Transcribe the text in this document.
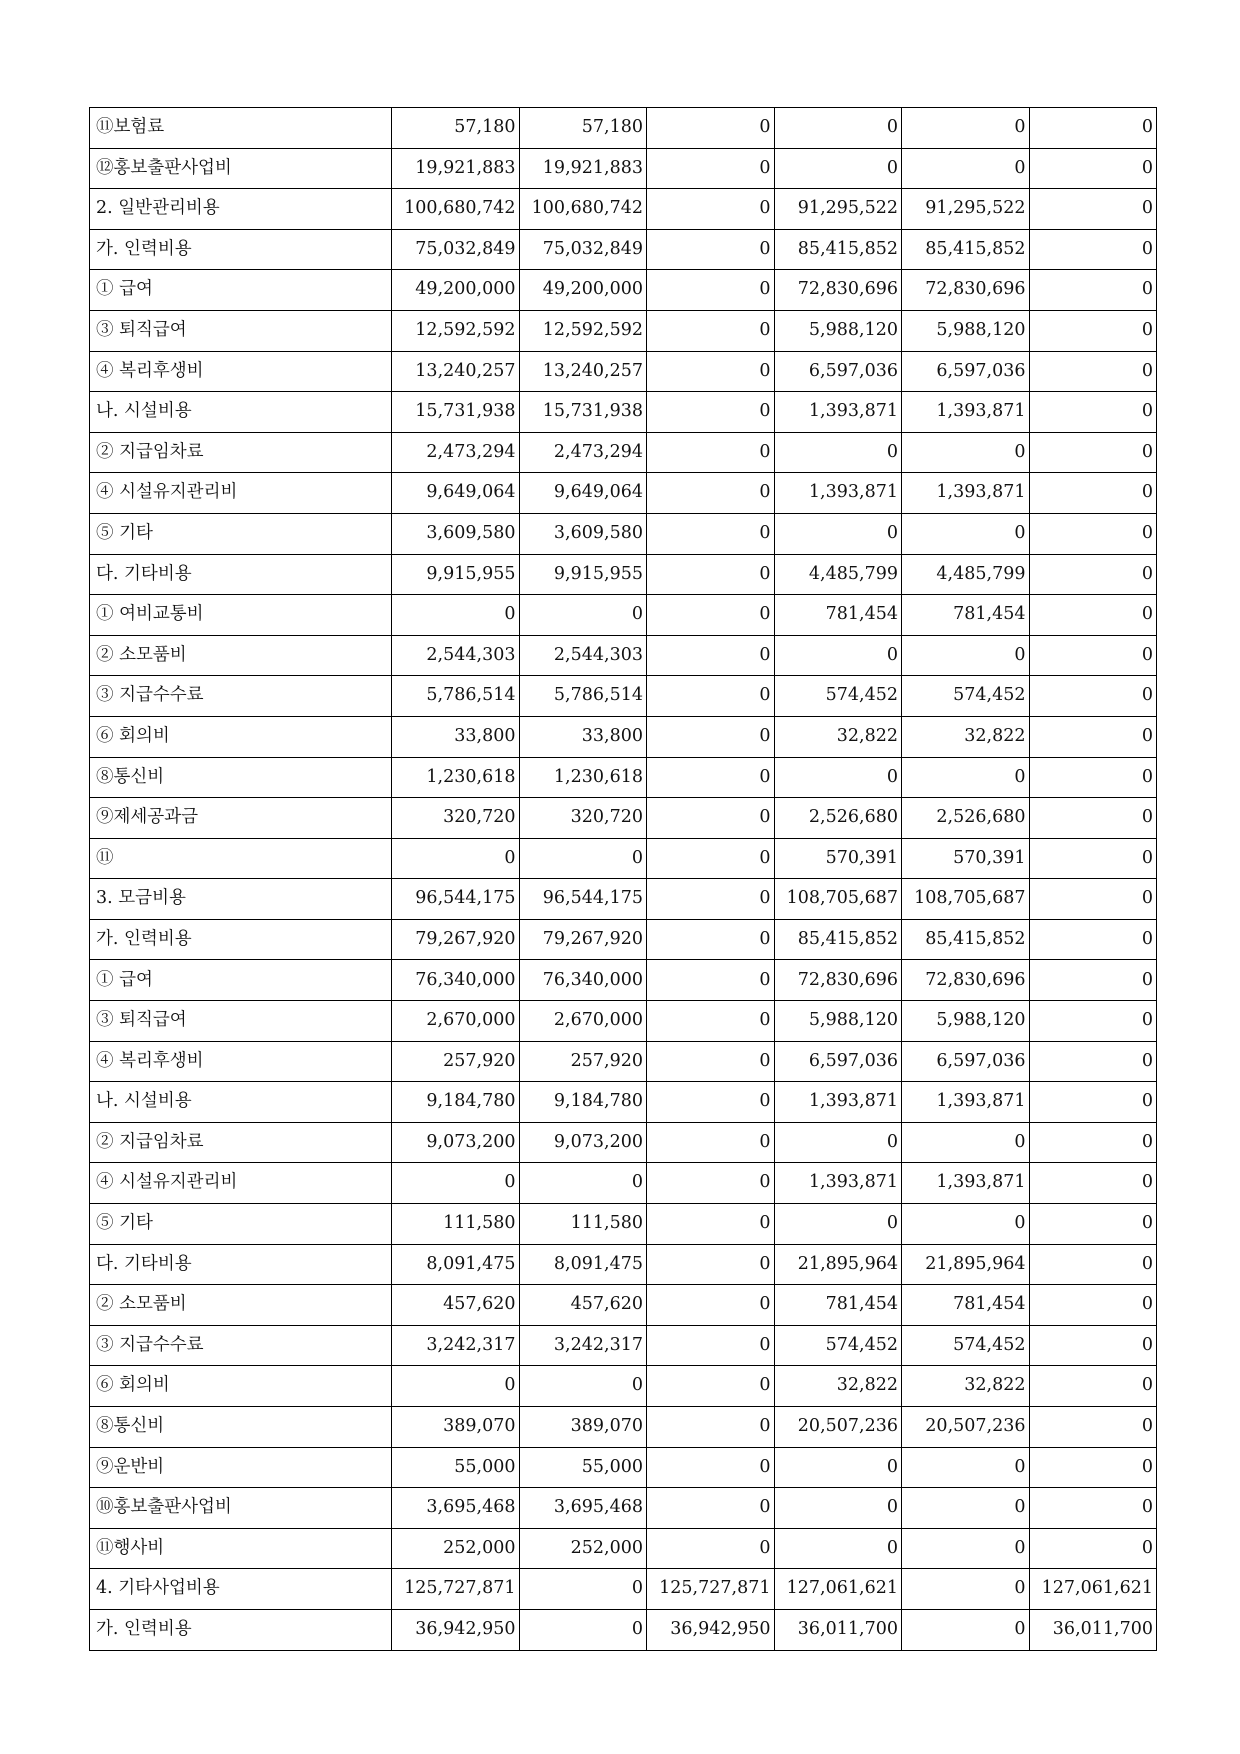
⑪보험료	57,180	57,180	0	0	0	0
⑫홍보출판사업비	19,921,883	19,921,883	0	0	0	0
2. 일반관리비용	100,680,742	100,680,742	0	91,295,522	91,295,522	0
가. 인력비용	75,032,849	75,032,849	0	85,415,852	85,415,852	0
① 급여	49,200,000	49,200,000	0	72,830,696	72,830,696	0
③ 퇴직급여	12,592,592	12,592,592	0	5,988,120	5,988,120	0
④ 복리후생비	13,240,257	13,240,257	0	6,597,036	6,597,036	0
나. 시설비용	15,731,938	15,731,938	0	1,393,871	1,393,871	0
② 지급임차료	2,473,294	2,473,294	0	0	0	0
④ 시설유지관리비	9,649,064	9,649,064	0	1,393,871	1,393,871	0
⑤ 기타	3,609,580	3,609,580	0	0	0	0
다. 기타비용	9,915,955	9,915,955	0	4,485,799	4,485,799	0
① 여비교통비	0	0	0	781,454	781,454	0
② 소모품비	2,544,303	2,544,303	0	0	0	0
③ 지급수수료	5,786,514	5,786,514	0	574,452	574,452	0
⑥ 회의비	33,800	33,800	0	32,822	32,822	0
⑧통신비	1,230,618	1,230,618	0	0	0	0
⑨제세공과금	320,720	320,720	0	2,526,680	2,526,680	0
⑪	0	0	0	570,391	570,391	0
3. 모금비용	96,544,175	96,544,175	0	108,705,687	108,705,687	0
가. 인력비용	79,267,920	79,267,920	0	85,415,852	85,415,852	0
① 급여	76,340,000	76,340,000	0	72,830,696	72,830,696	0
③ 퇴직급여	2,670,000	2,670,000	0	5,988,120	5,988,120	0
④ 복리후생비	257,920	257,920	0	6,597,036	6,597,036	0
나. 시설비용	9,184,780	9,184,780	0	1,393,871	1,393,871	0
② 지급임차료	9,073,200	9,073,200	0	0	0	0
④ 시설유지관리비	0	0	0	1,393,871	1,393,871	0
⑤ 기타	111,580	111,580	0	0	0	0
다. 기타비용	8,091,475	8,091,475	0	21,895,964	21,895,964	0
② 소모품비	457,620	457,620	0	781,454	781,454	0
③ 지급수수료	3,242,317	3,242,317	0	574,452	574,452	0
⑥ 회의비	0	0	0	32,822	32,822	0
⑧통신비	389,070	389,070	0	20,507,236	20,507,236	0
⑨운반비	55,000	55,000	0	0	0	0
⑩홍보출판사업비	3,695,468	3,695,468	0	0	0	0
⑪행사비	252,000	252,000	0	0	0	0
4. 기타사업비용	125,727,871	0	125,727,871	127,061,621	0	127,061,621
가. 인력비용	36,942,950	0	36,942,950	36,011,700	0	36,011,700
